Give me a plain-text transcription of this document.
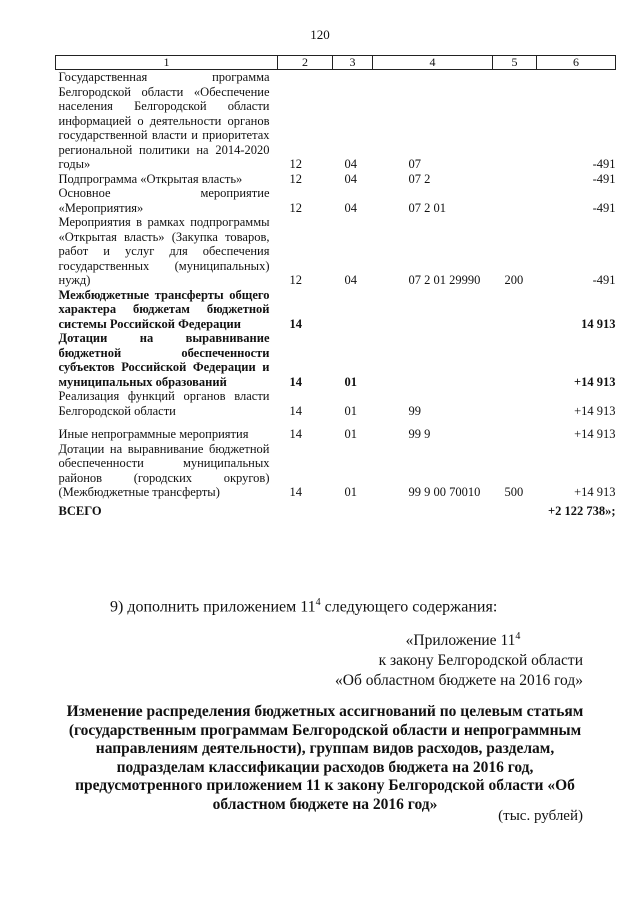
120
1	2	3	4	5	6
Государственная программа Белгородской области «Обеспечение населения Белгородской области информацией о деятельности органов государственной власти и приоритетах региональной политики на 2014-2020 годы»	12	04	07		-491
Подпрограмма «Открытая власть»	12	04	07 2		-491
Основное мероприятие «Мероприятия»	12	04	07 2 01		-491
Мероприятия в рамках подпрограммы «Открытая власть» (Закупка товаров, работ и услуг для обеспечения государственных (муниципальных) нужд)	12	04	07 2 01 29990	200	-491
Межбюджетные трансферты общего характера бюджетам бюджетной системы Российской Федерации	14				14 913
Дотации на выравнивание бюджетной обеспеченности субъектов Российской Федерации и муниципальных образований	14	01			+14 913
Реализация функций органов власти Белгородской области	14	01	99		+14 913
Иные непрограммные мероприятия	14	01	99 9		+14 913
Дотации на выравнивание бюджетной обеспеченности муниципальных районов (городских округов) (Межбюджетные трансферты)	14	01	99 9 00 70010	500	+14 913
ВСЕГО					+2 122 738»;
9) дополнить приложением $11^4$ следующего содержания:
«Приложение $11^4$
к закону Белгородской области
«Об областном бюджете на 2016 год»
Изменение распределения бюджетных ассигнований по целевым статьям (государственным программам Белгородской области и непрограммным направлениям деятельности), группам видов расходов, разделам, подразделам классификации расходов бюджета на 2016 год, предусмотренного приложением 11 к закону Белгородской области «Об областном бюджете на 2016 год»
(тыс. рублей)
